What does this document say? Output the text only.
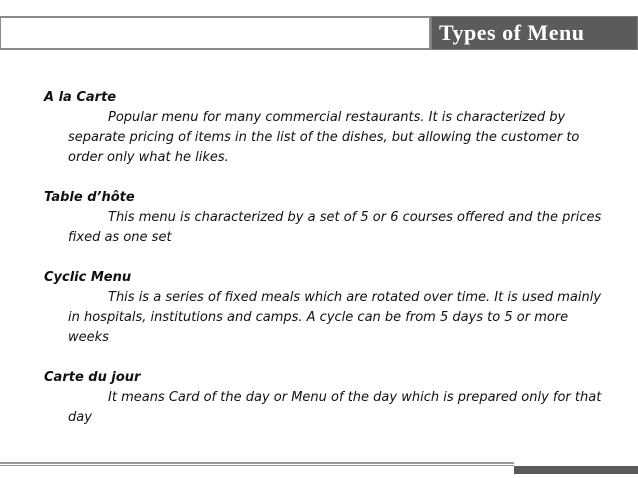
Types of Menu
A la Carte

Popular menu for many commercial restaurants. It is characterized by separate pricing of items in the list of the dishes, but allowing the customer to order only what he likes.

Table d’hôte

This menu is characterized by a set of 5 or 6 courses offered and the prices fixed as one set

Cyclic Menu

This is a series of fixed meals which are rotated over time. It is used mainly in hospitals, institutions and camps. A cycle can be from 5 days to 5 or more weeks

Carte du jour

It means Card of the day or Menu of the day which is prepared only for that day
